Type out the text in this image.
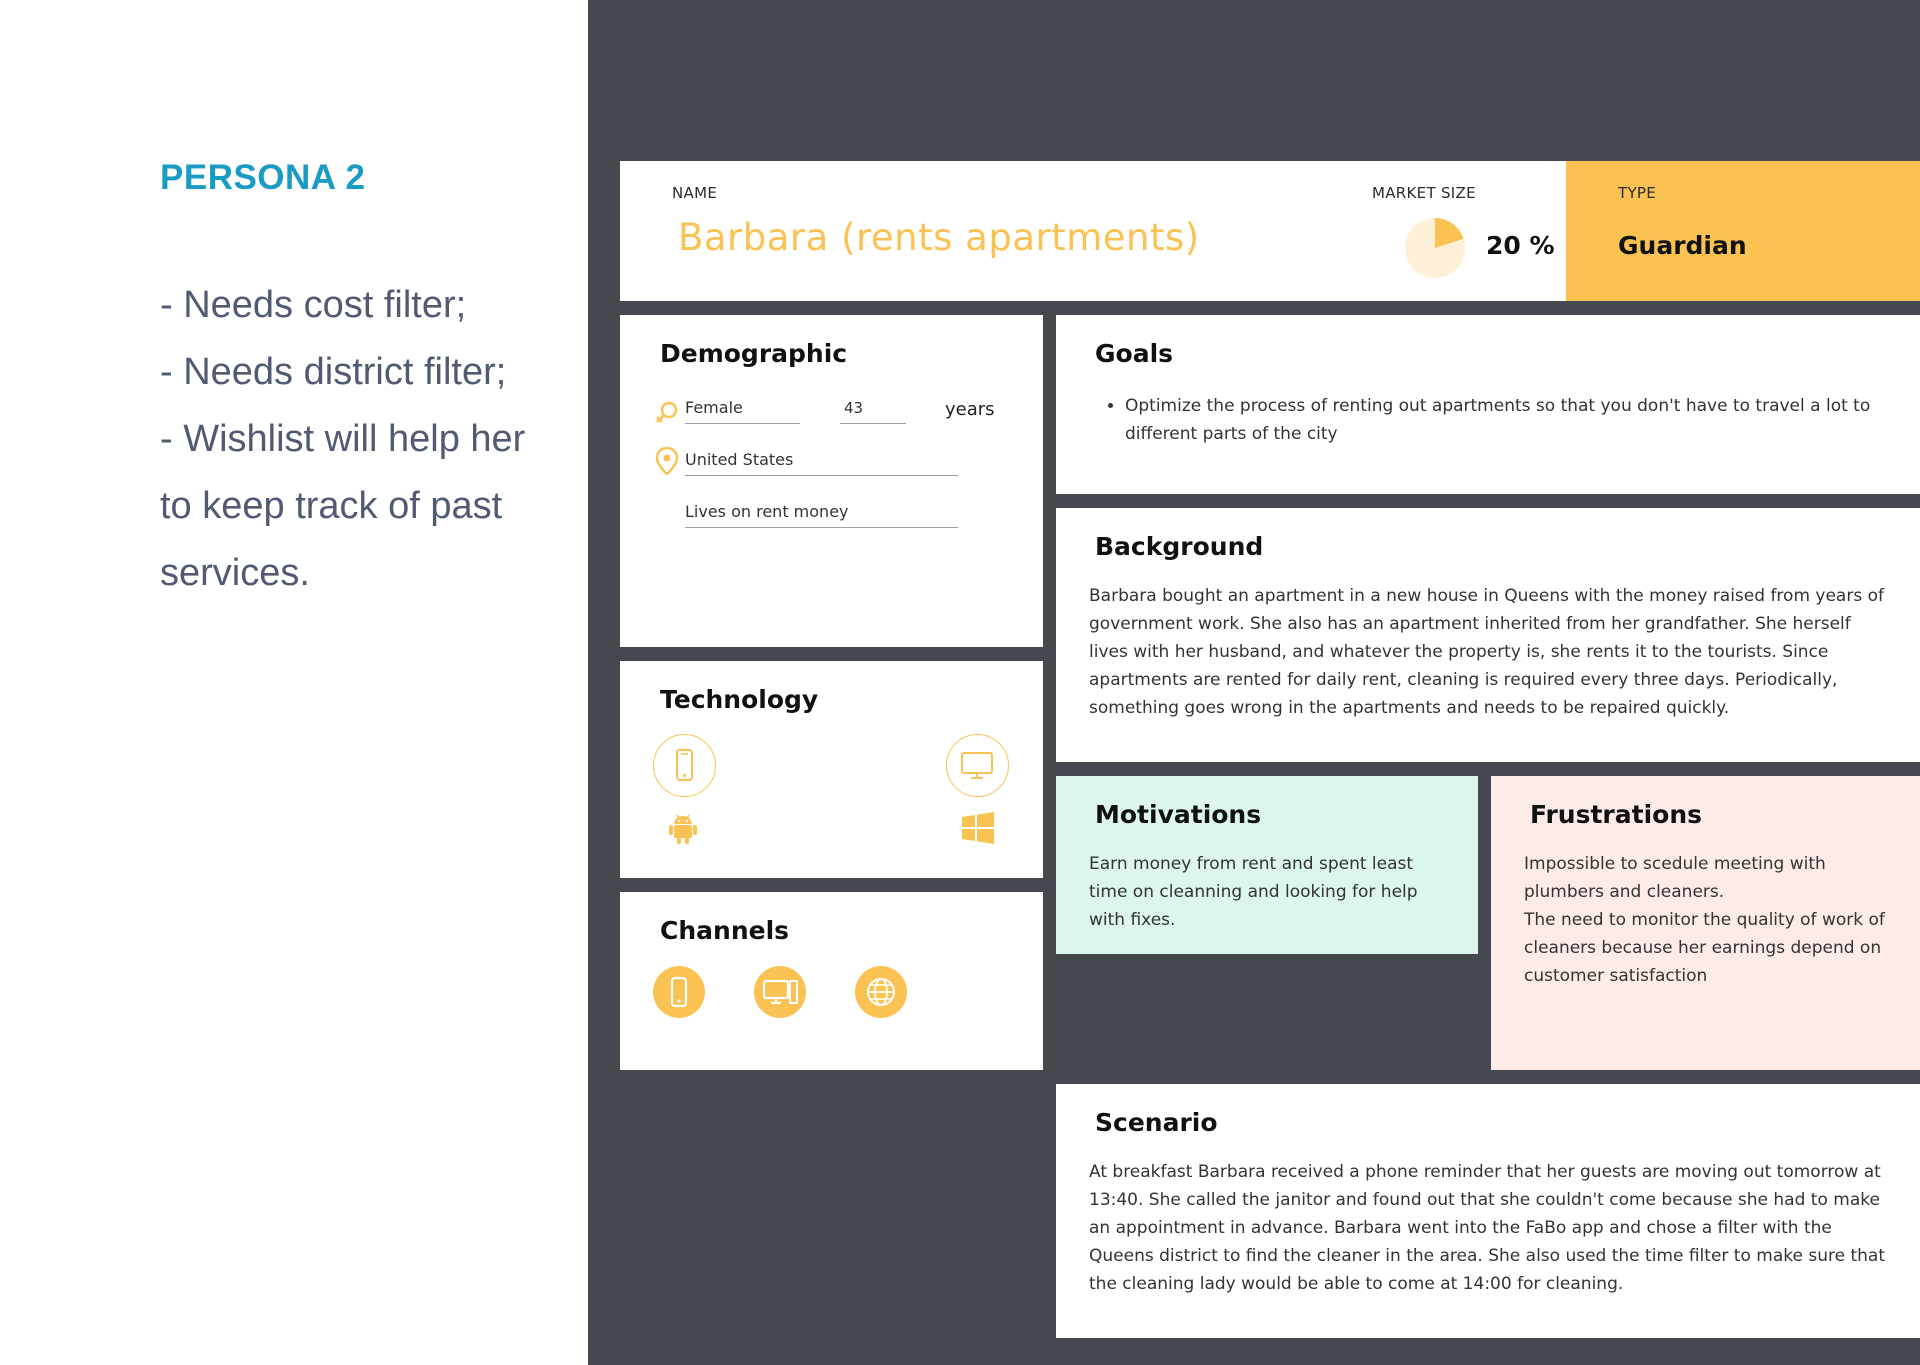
PERSONA 2
- Needs cost filter;
- Needs district filter;
- Wishlist will help her to keep track of past services.
NAME
Barbara (rents apartments)
MARKET SIZE
20 %
TYPE
Guardian
Demographic
Female	43	years
United States
Lives on rent money
Technology
Channels
Goals
• Optimize the process of renting out apartments so that you don't have to travel a lot to different parts of the city
Background
Barbara bought an apartment in a new house in Queens with the money raised from years of government work. She also has an apartment inherited from her grandfather. She herself lives with her husband, and whatever the property is, she rents it to the tourists. Since apartments are rented for daily rent, cleaning is required every three days. Periodically, something goes wrong in the apartments and needs to be repaired quickly.
Motivations
Earn money from rent and spent least time on cleanning and looking for help with fixes.
Frustrations
Impossible to scedule meeting with plumbers and cleaners.
The need to monitor the quality of work of cleaners because her earnings depend on customer satisfaction
Scenario
At breakfast Barbara received a phone reminder that her guests are moving out tomorrow at 13:40. She called the janitor and found out that she couldn't come because she had to make an appointment in advance. Barbara went into the FaBo app and chose a filter with the Queens district to find the cleaner in the area. She also used the time filter to make sure that the cleaning lady would be able to come at 14:00 for cleaning.
